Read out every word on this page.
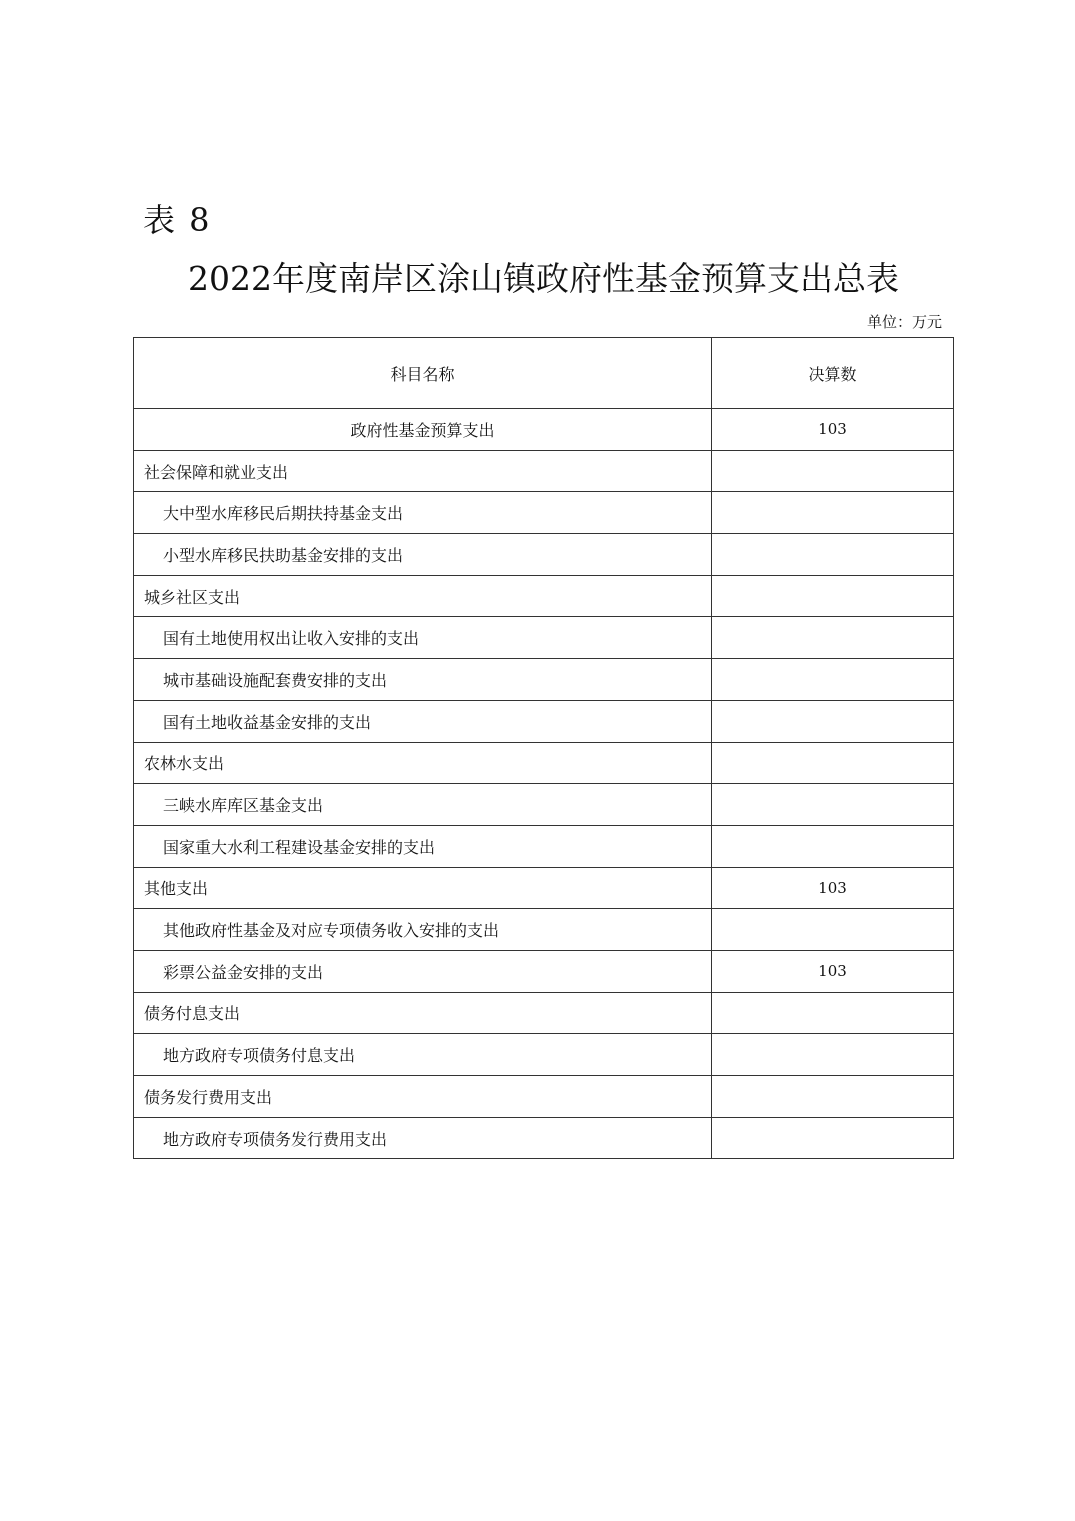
表 8
2022年度南岸区涂山镇政府性基金预算支出总表
单位：万元
科目名称	决算数
政府性基金预算支出	103
社会保障和就业支出	
大中型水库移民后期扶持基金支出	
小型水库移民扶助基金安排的支出	
城乡社区支出	
国有土地使用权出让收入安排的支出	
城市基础设施配套费安排的支出	
国有土地收益基金安排的支出	
农林水支出	
三峡水库库区基金支出	
国家重大水利工程建设基金安排的支出	
其他支出	103
其他政府性基金及对应专项债务收入安排的支出	
彩票公益金安排的支出	103
债务付息支出	
地方政府专项债务付息支出	
债务发行费用支出	
地方政府专项债务发行费用支出	
